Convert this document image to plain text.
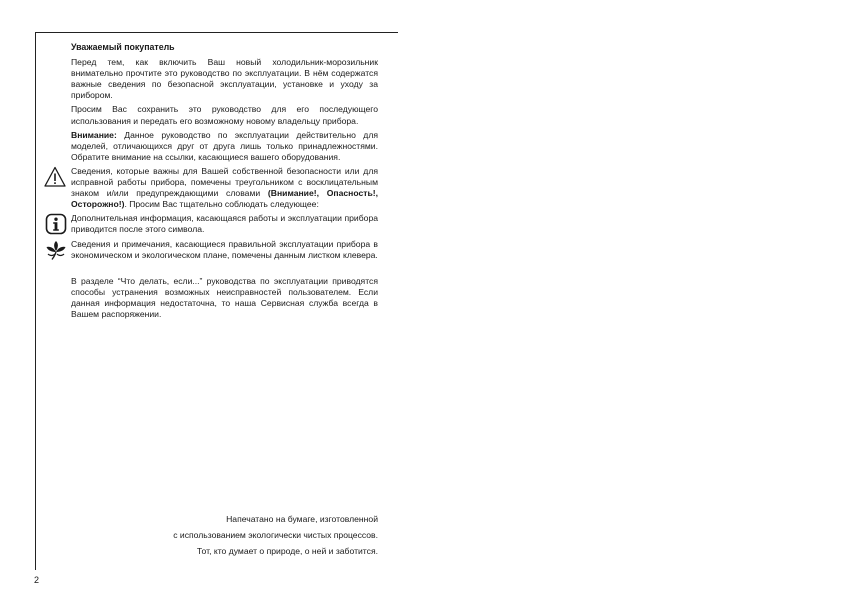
Уважаемый покупатель

Перед тем, как включить Ваш новый холодильник-морозильник внимательно прочтите это руководство по эксплуатации. В нём содержатся важные сведения по безопасной эксплуатации, установке и уходу за прибором.

Просим Вас сохранить это руководство для его последующего использования и передать его возможному новому владельцу прибора.

Внимание: Данное руководство по эксплуатации действительно для моделей, отличающихся друг от друга лишь только принадлежностями. Обратите внимание на ссылки, касающиеся вашего оборудования.

Сведения, которые важны для Вашей собственной безопасности или для исправной работы прибора, помечены треугольником с восклицательным знаком и/или предупреждающими словами (Внимание!, Опасность!, Осторожно!). Просим Вас тщательно соблюдать следующее:

Дополнительная информация, касающаяся работы и эксплуатации прибора приводится после этого символа.

Сведения и примечания, касающиеся правильной эксплуатации прибора в экономическом и экологическом плане, помечены данным листком клевера.

В разделе “Что делать, если...” руководства по эксплуатации приводятся способы устранения возможных неисправностей пользователем. Если данная информация недостаточна, то наша Сервисная служба всегда в Вашем распоряжении.

Напечатано на бумаге, изготовленной
с использованием экологически чистых процессов.
Тот, кто думает о природе, о ней и заботится.
2
